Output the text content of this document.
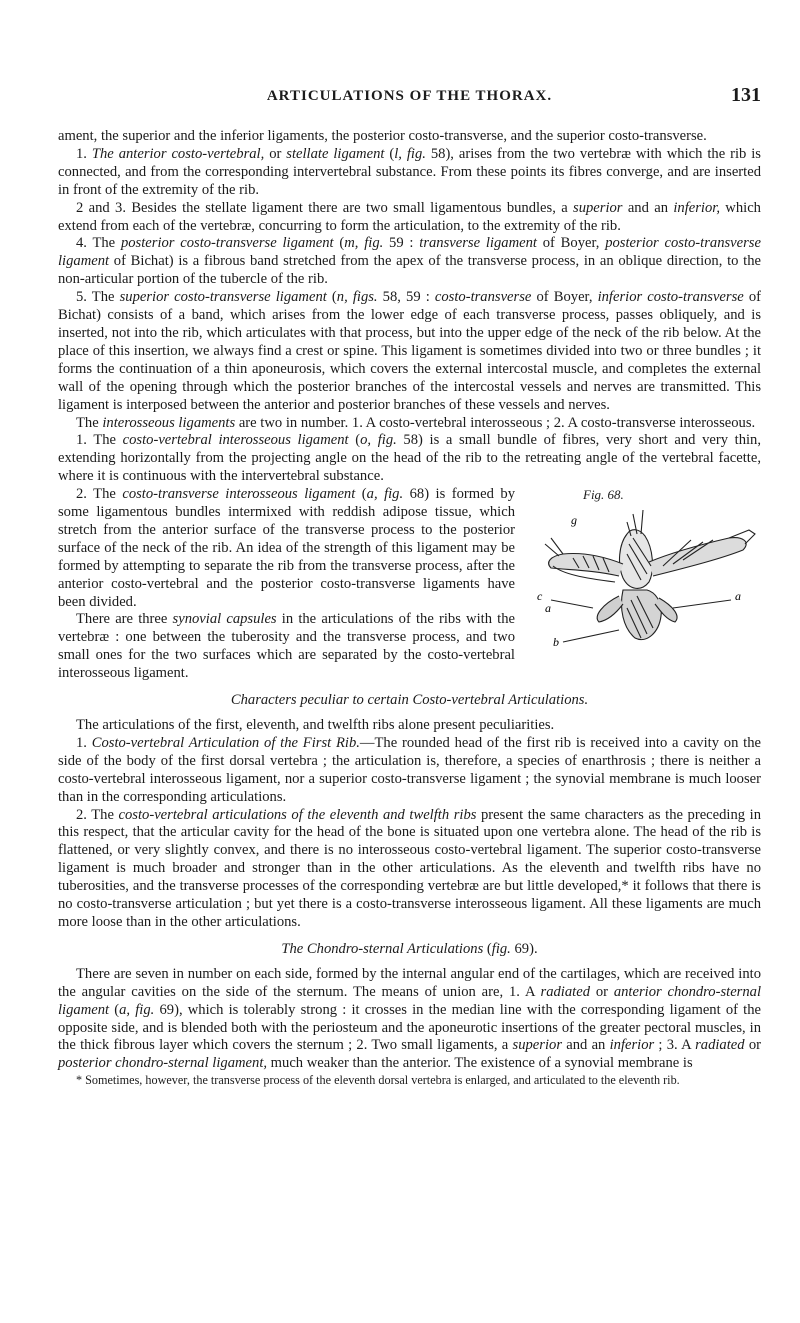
ARTICULATIONS OF THE THORAX.	131

ament, the superior and the inferior ligaments, the posterior costo-transverse, and the superior costo-transverse.

1. The anterior costo-vertebral, or stellate ligament (l, fig. 58), arises from the two vertebræ with which the rib is connected, and from the corresponding intervertebral substance. From these points its fibres converge, and are inserted in front of the extremity of the rib.

2 and 3. Besides the stellate ligament there are two small ligamentous bundles, a superior and an inferior, which extend from each of the vertebræ, concurring to form the articulation, to the extremity of the rib.

4. The posterior costo-transverse ligament (m, fig. 59 : transverse ligament of Boyer, posterior costo-transverse ligament of Bichat) is a fibrous band stretched from the apex of the transverse process, in an oblique direction, to the non-articular portion of the tubercle of the rib.

5. The superior costo-transverse ligament (n, figs. 58, 59 : costo-transverse of Boyer, inferior costo-transverse of Bichat) consists of a band, which arises from the lower edge of each transverse process, passes obliquely, and is inserted, not into the rib, which articulates with that process, but into the upper edge of the neck of the rib below. At the place of this insertion, we always find a crest or spine. This ligament is sometimes divided into two or three bundles ; it forms the continuation of a thin aponeurosis, which covers the external intercostal muscle, and completes the external wall of the opening through which the posterior branches of the intercostal vessels and nerves are transmitted. This ligament is interposed between the anterior and posterior branches of these vessels and nerves.

The interosseous ligaments are two in number. 1. A costo-vertebral interosseous ; 2. A costo-transverse interosseous.

1. The costo-vertebral interosseous ligament (o, fig. 58) is a small bundle of fibres, very short and very thin, extending horizontally from the projecting angle on the head of the rib to the retreating angle of the vertebral facette, where it is continuous with the intervertebral substance.

Fig. 68.
g
c
a
a
b

2. The costo-transverse interosseous ligament (a, fig. 68) is formed by some ligamentous bundles intermixed with reddish adipose tissue, which stretch from the anterior surface of the transverse process to the posterior surface of the neck of the rib. An idea of the strength of this ligament may be formed by attempting to separate the rib from the transverse process, after the anterior costo-vertebral and the posterior costo-transverse ligaments have been divided.

There are three synovial capsules in the articulations of the ribs with the vertebræ : one between the tuberosity and the transverse process, and two small ones for the two surfaces which are separated by the costo-vertebral interosseous ligament.

Characters peculiar to certain Costo-vertebral Articulations.

The articulations of the first, eleventh, and twelfth ribs alone present peculiarities.

1. Costo-vertebral Articulation of the First Rib.—The rounded head of the first rib is received into a cavity on the side of the body of the first dorsal vertebra ; the articulation is, therefore, a species of enarthrosis ; there is neither a costo-vertebral interosseous ligament, nor a superior costo-transverse ligament ; the synovial membrane is much looser than in the corresponding articulations.

2. The costo-vertebral articulations of the eleventh and twelfth ribs present the same characters as the preceding in this respect, that the articular cavity for the head of the bone is situated upon one vertebra alone. The head of the rib is flattened, or very slightly convex, and there is no interosseous costo-vertebral ligament. The superior costo-transverse ligament is much broader and stronger than in the other articulations. As the eleventh and twelfth ribs have no tuberosities, and the transverse processes of the corresponding vertebræ are but little developed,* it follows that there is no costo-transverse articulation ; but yet there is a costo-transverse interosseous ligament. All these ligaments are much more loose than in the other articulations.

The Chondro-sternal Articulations (fig. 69).

There are seven in number on each side, formed by the internal angular end of the cartilages, which are received into the angular cavities on the side of the sternum. The means of union are, 1. A radiated or anterior chondro-sternal ligament (a, fig. 69), which is tolerably strong : it crosses in the median line with the corresponding ligament of the opposite side, and is blended both with the periosteum and the aponeurotic insertions of the greater pectoral muscles, in the thick fibrous layer which covers the sternum ; 2. Two small ligaments, a superior and an inferior ; 3. A radiated or posterior chondro-sternal ligament, much weaker than the anterior. The existence of a synovial membrane is

* Sometimes, however, the transverse process of the eleventh dorsal vertebra is enlarged, and articulated to the eleventh rib.
